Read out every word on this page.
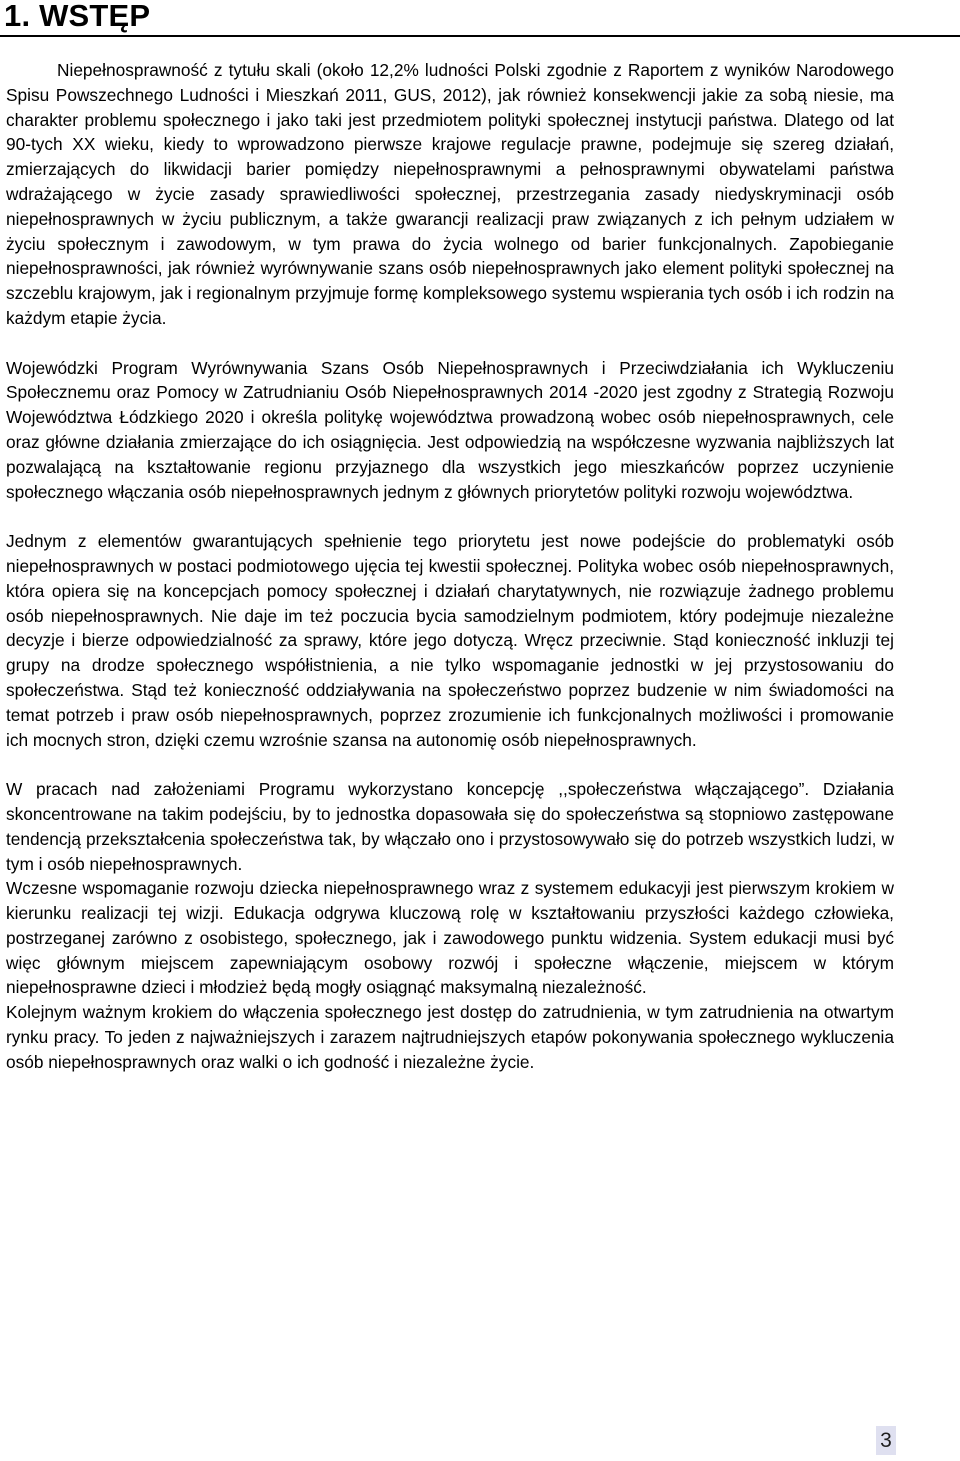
1. WSTĘP

Niepełnosprawność z tytułu skali (około 12,2% ludności Polski zgodnie z Raportem z wyników Narodowego Spisu Powszechnego Ludności i Mieszkań 2011, GUS, 2012), jak również konsekwencji jakie za sobą niesie, ma charakter problemu społecznego i jako taki jest przedmiotem polityki społecznej instytucji państwa. Dlatego od lat 90-tych XX wieku, kiedy to wprowadzono pierwsze krajowe regulacje prawne, podejmuje się szereg działań, zmierzających do likwidacji barier pomiędzy niepełnosprawnymi a pełnosprawnymi obywatelami państwa wdrażającego w życie zasady sprawiedliwości społecznej, przestrzegania zasady niedyskryminacji osób niepełnosprawnych w życiu publicznym, a także gwarancji realizacji praw związanych z ich pełnym udziałem w życiu społecznym i zawodowym, w tym prawa do życia wolnego od barier funkcjonalnych. Zapobieganie niepełnosprawności, jak również wyrównywanie szans osób niepełnosprawnych jako element polityki społecznej na szczeblu krajowym, jak i regionalnym przyjmuje formę kompleksowego systemu wspierania tych osób i ich rodzin na każdym etapie życia.

Wojewódzki Program Wyrównywania Szans Osób Niepełnosprawnych i Przeciwdziałania ich Wykluczeniu Społecznemu oraz Pomocy w Zatrudnianiu Osób Niepełnosprawnych 2014 -2020 jest zgodny z Strategią Rozwoju Województwa Łódzkiego 2020 i określa politykę województwa prowadzoną wobec osób niepełnosprawnych, cele oraz główne działania zmierzające do ich osiągnięcia. Jest odpowiedzią na współczesne wyzwania najbliższych lat pozwalającą na kształtowanie regionu przyjaznego dla wszystkich jego mieszkańców poprzez uczynienie społecznego włączania osób niepełnosprawnych jednym z głównych priorytetów polityki rozwoju województwa.

Jednym z elementów gwarantujących spełnienie tego priorytetu jest nowe podejście do problematyki osób niepełnosprawnych w postaci podmiotowego ujęcia tej kwestii społecznej. Polityka wobec osób niepełnosprawnych, która opiera się na koncepcjach pomocy społecznej i działań charytatywnych, nie rozwiązuje żadnego problemu osób niepełnosprawnych. Nie daje im też poczucia bycia samodzielnym podmiotem, który podejmuje niezależne decyzje i bierze odpowiedzialność za sprawy, które jego dotyczą. Wręcz przeciwnie. Stąd konieczność inkluzji tej grupy na drodze społecznego współistnienia, a nie tylko wspomaganie jednostki w jej przystosowaniu do społeczeństwa. Stąd też konieczność oddziaływania na społeczeństwo poprzez budzenie w nim świadomości na temat potrzeb i praw osób niepełnosprawnych, poprzez zrozumienie ich funkcjonalnych możliwości i promowanie ich mocnych stron, dzięki czemu wzrośnie szansa na autonomię osób niepełnosprawnych.

W pracach nad założeniami Programu wykorzystano koncepcję ,,społeczeństwa włączającego”. Działania skoncentrowane na takim podejściu, by to jednostka dopasowała się do społeczeństwa są stopniowo zastępowane tendencją przekształcenia społeczeństwa tak, by włączało ono i przystosowywało się do potrzeb wszystkich ludzi, w tym i osób niepełnosprawnych.

Wczesne wspomaganie rozwoju dziecka niepełnosprawnego wraz z systemem edukacyji jest pierwszym krokiem w kierunku realizacji tej wizji. Edukacja odgrywa kluczową rolę w kształtowaniu przyszłości każdego człowieka, postrzeganej zarówno z osobistego, społecznego, jak i zawodowego punktu widzenia. System edukacji musi być więc głównym miejscem zapewniającym osobowy rozwój i społeczne włączenie, miejscem w którym niepełnosprawne dzieci i młodzież będą mogły osiągnąć maksymalną niezależność.

Kolejnym ważnym krokiem do włączenia społecznego jest dostęp do zatrudnienia, w tym zatrudnienia na otwartym rynku pracy. To jeden z najważniejszych i zarazem najtrudniejszych etapów pokonywania społecznego wykluczenia osób niepełnosprawnych oraz walki o ich godność i niezależne życie.

3
